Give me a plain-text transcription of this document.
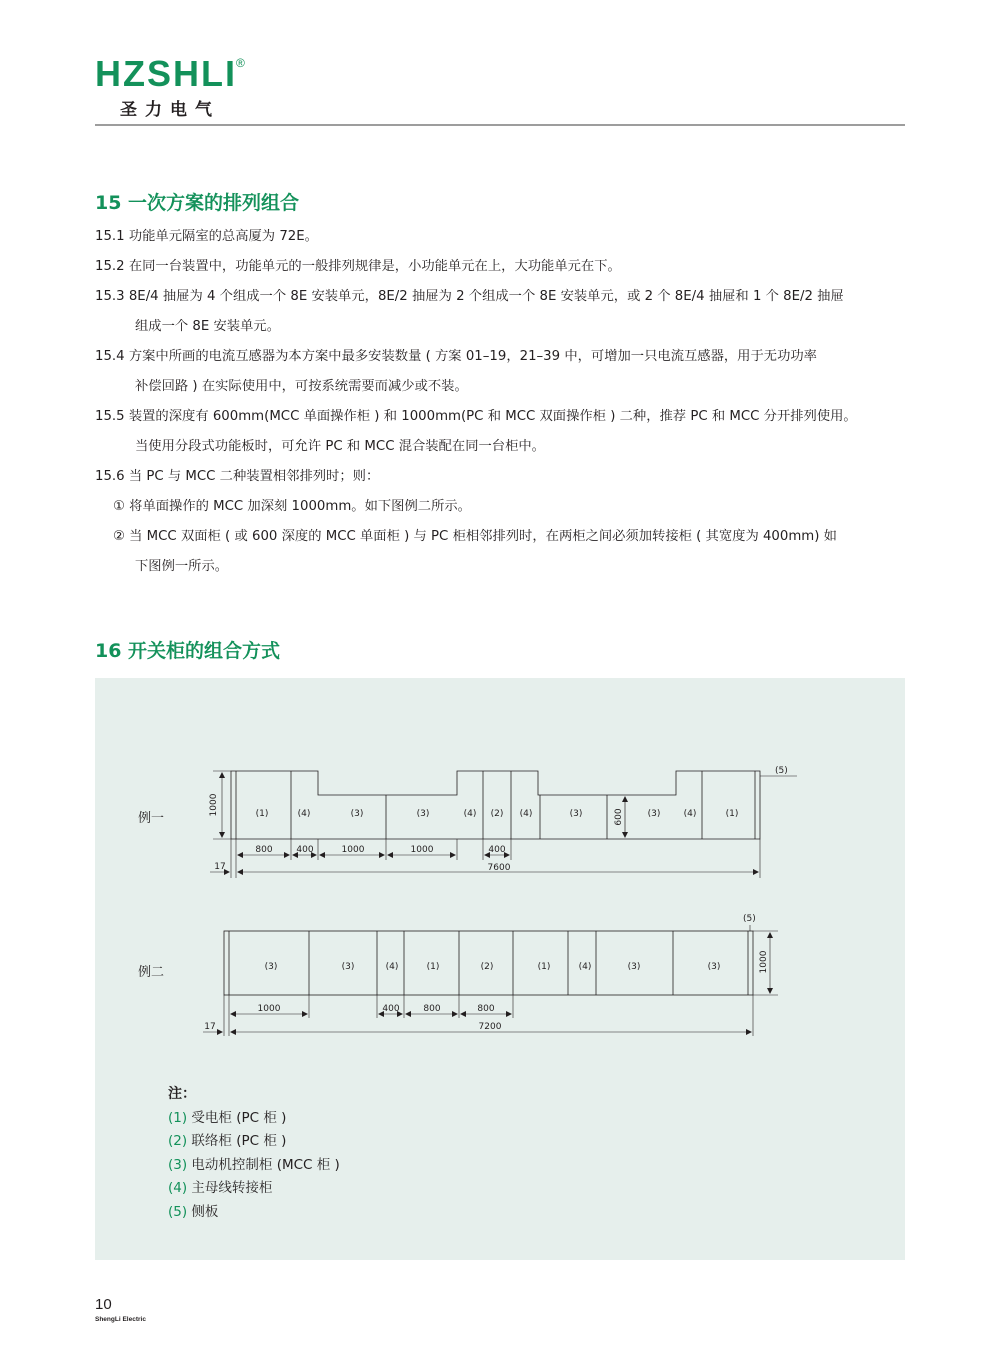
HZSHLI ®
圣力电气
15 一次方案的排列组合
15.1 功能单元隔室的总高厦为 72E。
15.2 在同一台装置中，功能单元的一般排列规律是，小功能单元在上，大功能单元在下。
15.3 8E/4 抽屉为 4 个组成一个 8E 安装单元，8E/2 抽屉为 2 个组成一个 8E 安装单元，或 2 个 8E/4 抽屉和 1 个 8E/2 抽屉
组成一个 8E 安装单元。
15.4 方案中所画的电流互感器为本方案中最多安装数量 ( 方案 01–19，21–39 中，可增加一只电流互感器，用于无功功率
补偿回路 ) 在实际使用中，可按系统需要而减少或不装。
15.5 装置的深度有 600mm(MCC 单面操作柜 ) 和 1000mm(PC 和 MCC 双面操作柜 ) 二种，推荐 PC 和 MCC 分开排列使用。
当使用分段式功能板时，可允许 PC 和 MCC 混合装配在同一台柜中。
15.6 当 PC 与 MCC 二种装置相邻排列时；则：
① 将单面操作的 MCC 加深刻 1000mm。如下图例二所示。
② 当 MCC 双面柜 ( 或 600 深度的 MCC 单面柜 ) 与 PC 柜相邻排列时，在两柜之间必须加转接柜 ( 其宽度为 400mm) 如
下图例一所示。
16 开关柜的组合方式
例一	600
(1)	(4)	(3)	(3)	(4) (2) (4)	(3)	(3)	(4)	(1)
1000
(5)
800	400	1000	1000	400
17	7600
例二	(3)	(3)	(4)	(1)	(2)	(1)	(4)	(3)	(3)
(5)
1000
1000	400	800	800
17	7200
注：
(1) 受电柜 (PC 柜 )
(2) 联络柜 (PC 柜 )
(3) 电动机控制柜 (MCC 柜 )
(4) 主母线转接柜
(5) 侧板
10
ShengLi Electric
